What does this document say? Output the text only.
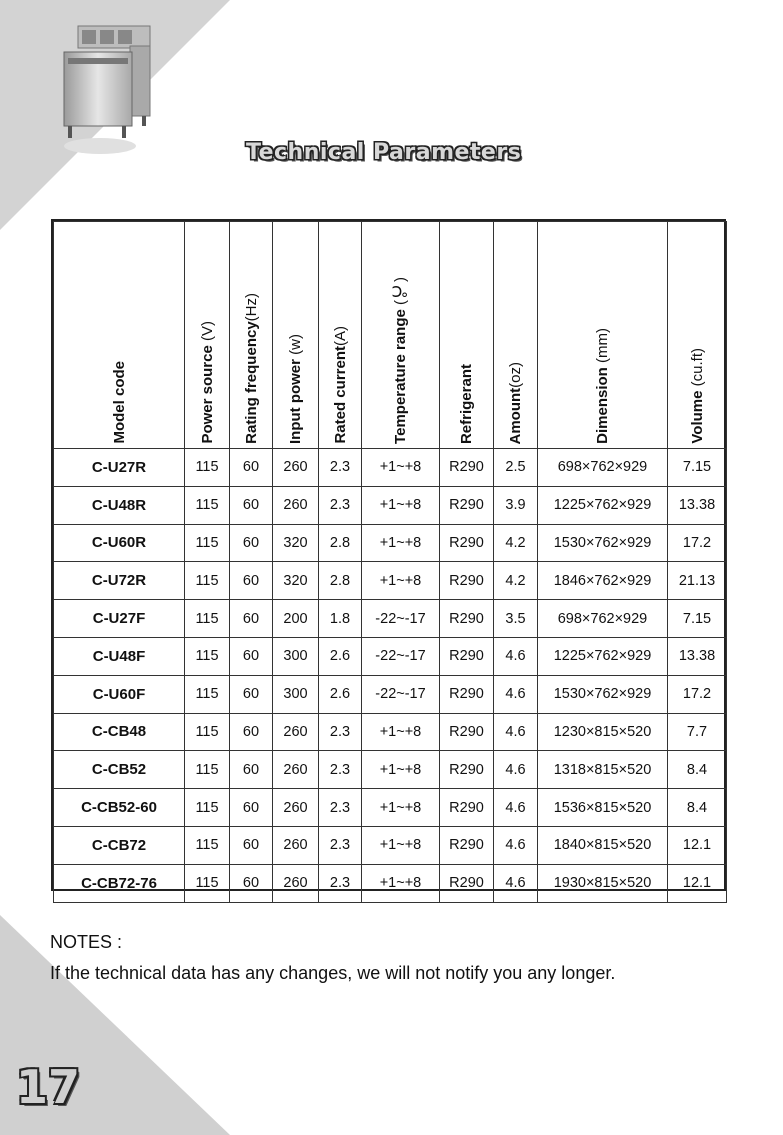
Technical Parameters
Model code	Power source (V)	Rating frequency(Hz)	Input power (w)	Rated current(A)	Temperature range (℃)	Refrigerant	Amount(oz)	Dimension (mm)	Volume (cu.ft)
C-U27R	115	60	260	2.3	+1~+8	R290	2.5	698×762×929	7.15
C-U48R	115	60	260	2.3	+1~+8	R290	3.9	1225×762×929	13.38
C-U60R	115	60	320	2.8	+1~+8	R290	4.2	1530×762×929	17.2
C-U72R	115	60	320	2.8	+1~+8	R290	4.2	1846×762×929	21.13
C-U27F	115	60	200	1.8	-22~-17	R290	3.5	698×762×929	7.15
C-U48F	115	60	300	2.6	-22~-17	R290	4.6	1225×762×929	13.38
C-U60F	115	60	300	2.6	-22~-17	R290	4.6	1530×762×929	17.2
C-CB48	115	60	260	2.3	+1~+8	R290	4.6	1230×815×520	7.7
C-CB52	115	60	260	2.3	+1~+8	R290	4.6	1318×815×520	8.4
C-CB52-60	115	60	260	2.3	+1~+8	R290	4.6	1536×815×520	8.4
C-CB72	115	60	260	2.3	+1~+8	R290	4.6	1840×815×520	12.1
C-CB72-76	115	60	260	2.3	+1~+8	R290	4.6	1930×815×520	12.1
NOTES :
If the technical data has any changes, we will not notify you any longer.
17
